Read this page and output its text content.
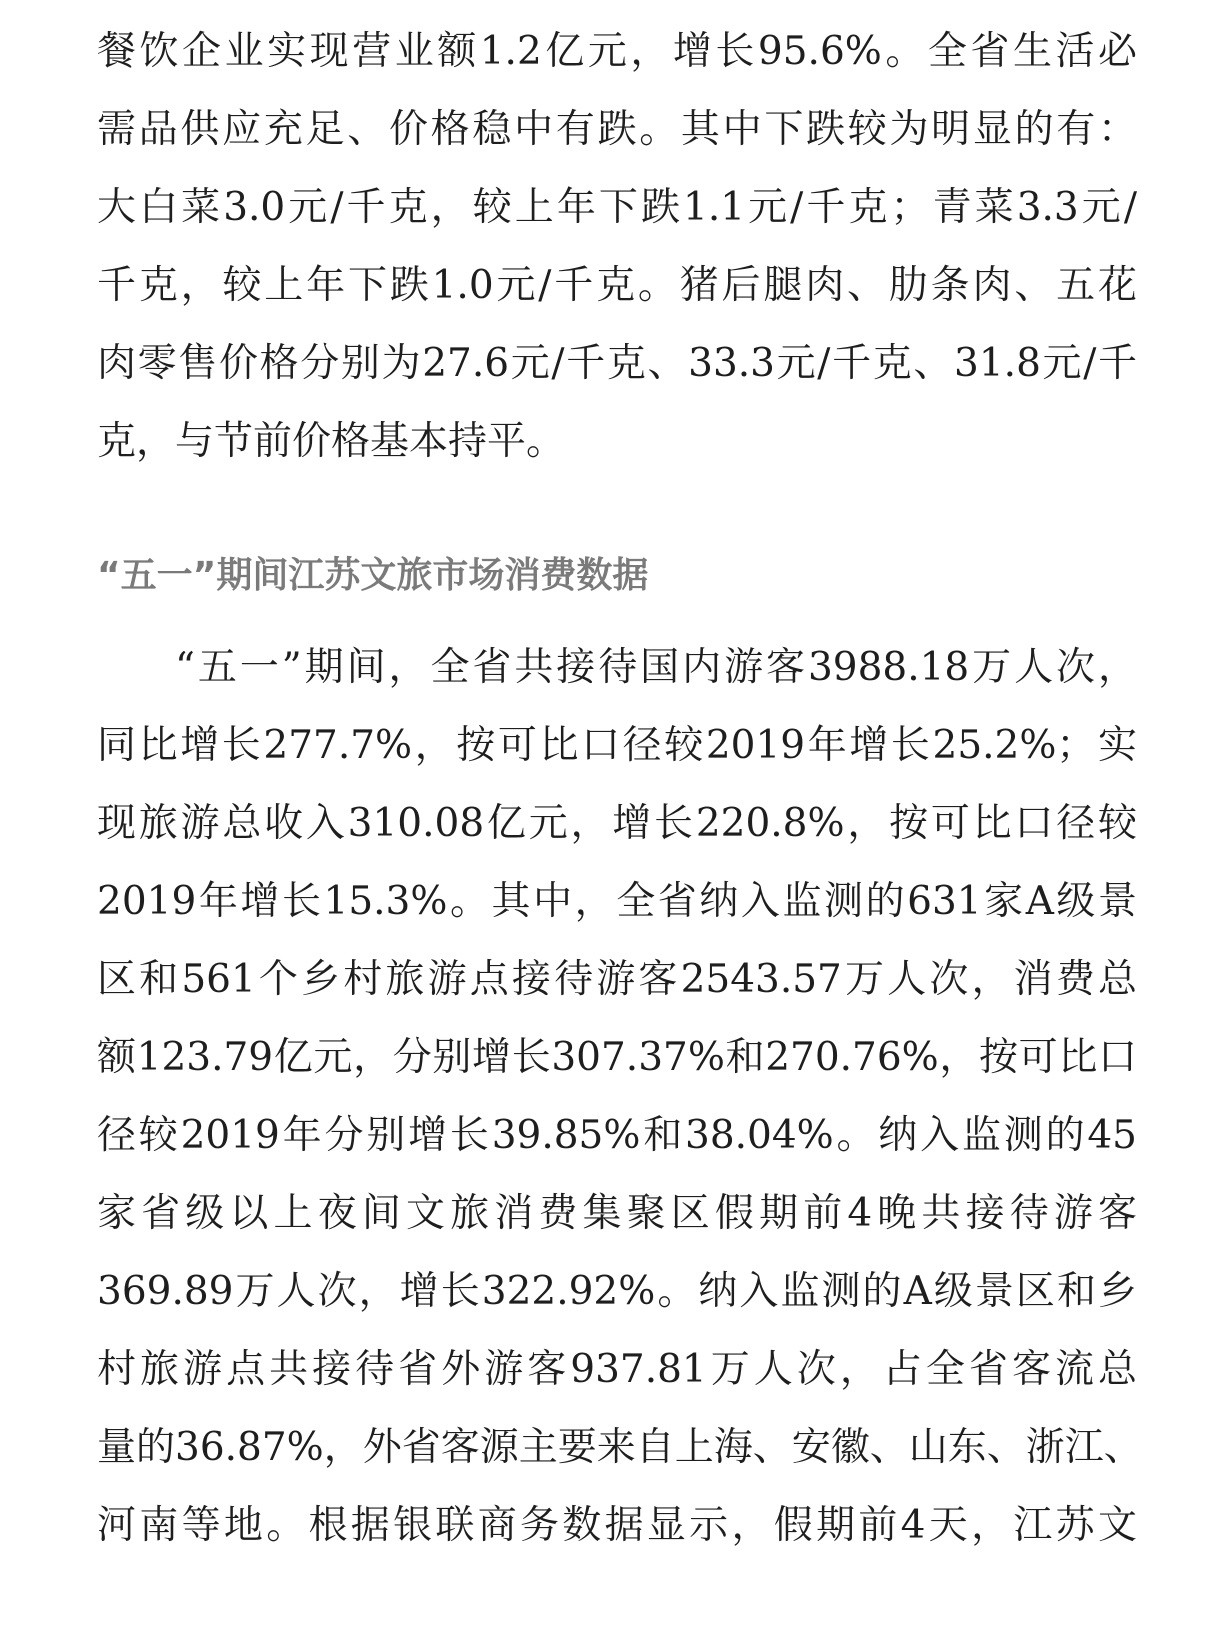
餐饮企业实现营业额1.2亿元，增长95.6%。全省生活必
需品供应充足、价格稳中有跌。其中下跌较为明显的有：
大白菜3.0元/千克，较上年下跌1.1元/千克；青菜3.3元/
千克，较上年下跌1.0元/千克。猪后腿肉、肋条肉、五花
肉零售价格分别为27.6元/千克、33.3元/千克、31.8元/千
克，与节前价格基本持平。
“五一”期间江苏文旅市场消费数据
“五一”期间，全省共接待国内游客3988.18万人次，
同比增长277.7%，按可比口径较2019年增长25.2%；实
现旅游总收入310.08亿元，增长220.8%，按可比口径较
2019年增长15.3%。其中，全省纳入监测的631家A级景
区和561个乡村旅游点接待游客2543.57万人次，消费总
额123.79亿元，分别增长307.37%和270.76%，按可比口
径较2019年分别增长39.85%和38.04%。纳入监测的45
家省级以上夜间文旅消费集聚区假期前4晚共接待游客
369.89万人次，增长322.92%。纳入监测的A级景区和乡
村旅游点共接待省外游客937.81万人次，占全省客流总
量的36.87%，外省客源主要来自上海、安徽、山东、浙江、
河南等地。根据银联商务数据显示，假期前4天，江苏文
